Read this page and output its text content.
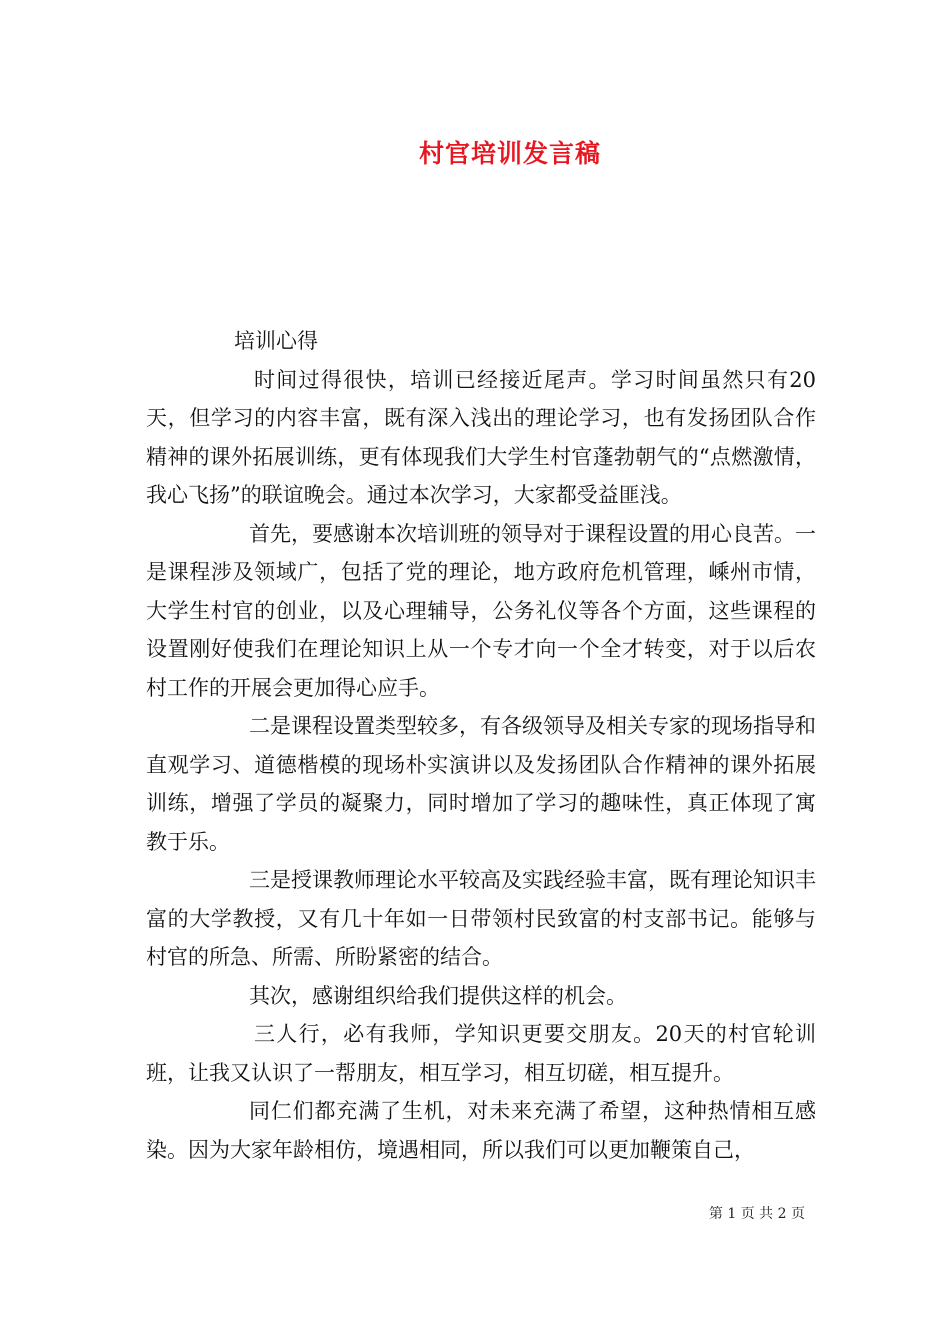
村官培训发言稿

培训心得

时间过得很快，培训已经接近尾声。学习时间虽然只有20天，但学习的内容丰富，既有深入浅出的理论学习，也有发扬团队合作精神的课外拓展训练，更有体现我们大学生村官蓬勃朝气的“点燃激情，我心飞扬”的联谊晚会。通过本次学习，大家都受益匪浅。

首先，要感谢本次培训班的领导对于课程设置的用心良苦。一是课程涉及领域广，包括了党的理论，地方政府危机管理，嵊州市情，大学生村官的创业，以及心理辅导，公务礼仪等各个方面，这些课程的设置刚好使我们在理论知识上从一个专才向一个全才转变，对于以后农村工作的开展会更加得心应手。

二是课程设置类型较多，有各级领导及相关专家的现场指导和直观学习、道德楷模的现场朴实演讲以及发扬团队合作精神的课外拓展训练，增强了学员的凝聚力，同时增加了学习的趣味性，真正体现了寓教于乐。

三是授课教师理论水平较高及实践经验丰富，既有理论知识丰富的大学教授，又有几十年如一日带领村民致富的村支部书记。能够与村官的所急、所需、所盼紧密的结合。

其次，感谢组织给我们提供这样的机会。

三人行，必有我师，学知识更要交朋友。20天的村官轮训班，让我又认识了一帮朋友，相互学习，相互切磋，相互提升。

同仁们都充满了生机，对未来充满了希望，这种热情相互感染。因为大家年龄相仿，境遇相同，所以我们可以更加鞭策自己，

第 1 页 共 2 页
